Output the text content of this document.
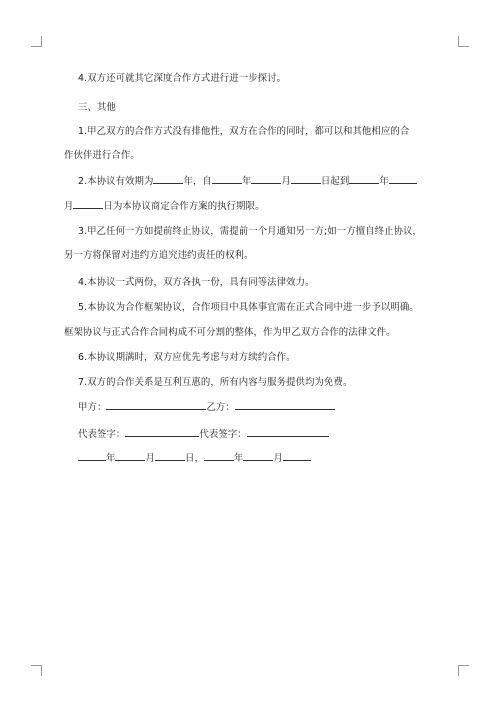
4.双方还可就其它深度合作方式进行进一步探讨。
三、其他
1.甲乙双方的合作方式没有排他性，双方在合作的同时，都可以和其他相应的合
作伙伴进行合作。
2.本协议有效期为	年，自	年	月	日起到	年
月	日为本协议商定合作方案的执行期限。
3.甲乙任何一方如提前终止协议，需提前一个月通知另一方;如一方擅自终止协议，
另一方将保留对违约方追究违约责任的权利。
4.本协议一式两份，双方各执一份，具有同等法律效力。
5.本协议为合作框架协议，合作项目中具体事宜需在正式合同中进一步予以明确。
框架协议与正式合作合同构成不可分割的整体，作为甲乙双方合作的法律文件。
6.本协议期满时，双方应优先考虑与对方续约合作。
7.双方的合作关系是互利互惠的，所有内容与服务提供均为免费。
甲方：	乙方：
代表签字：	代表签字：
年	月	日，	年	月
